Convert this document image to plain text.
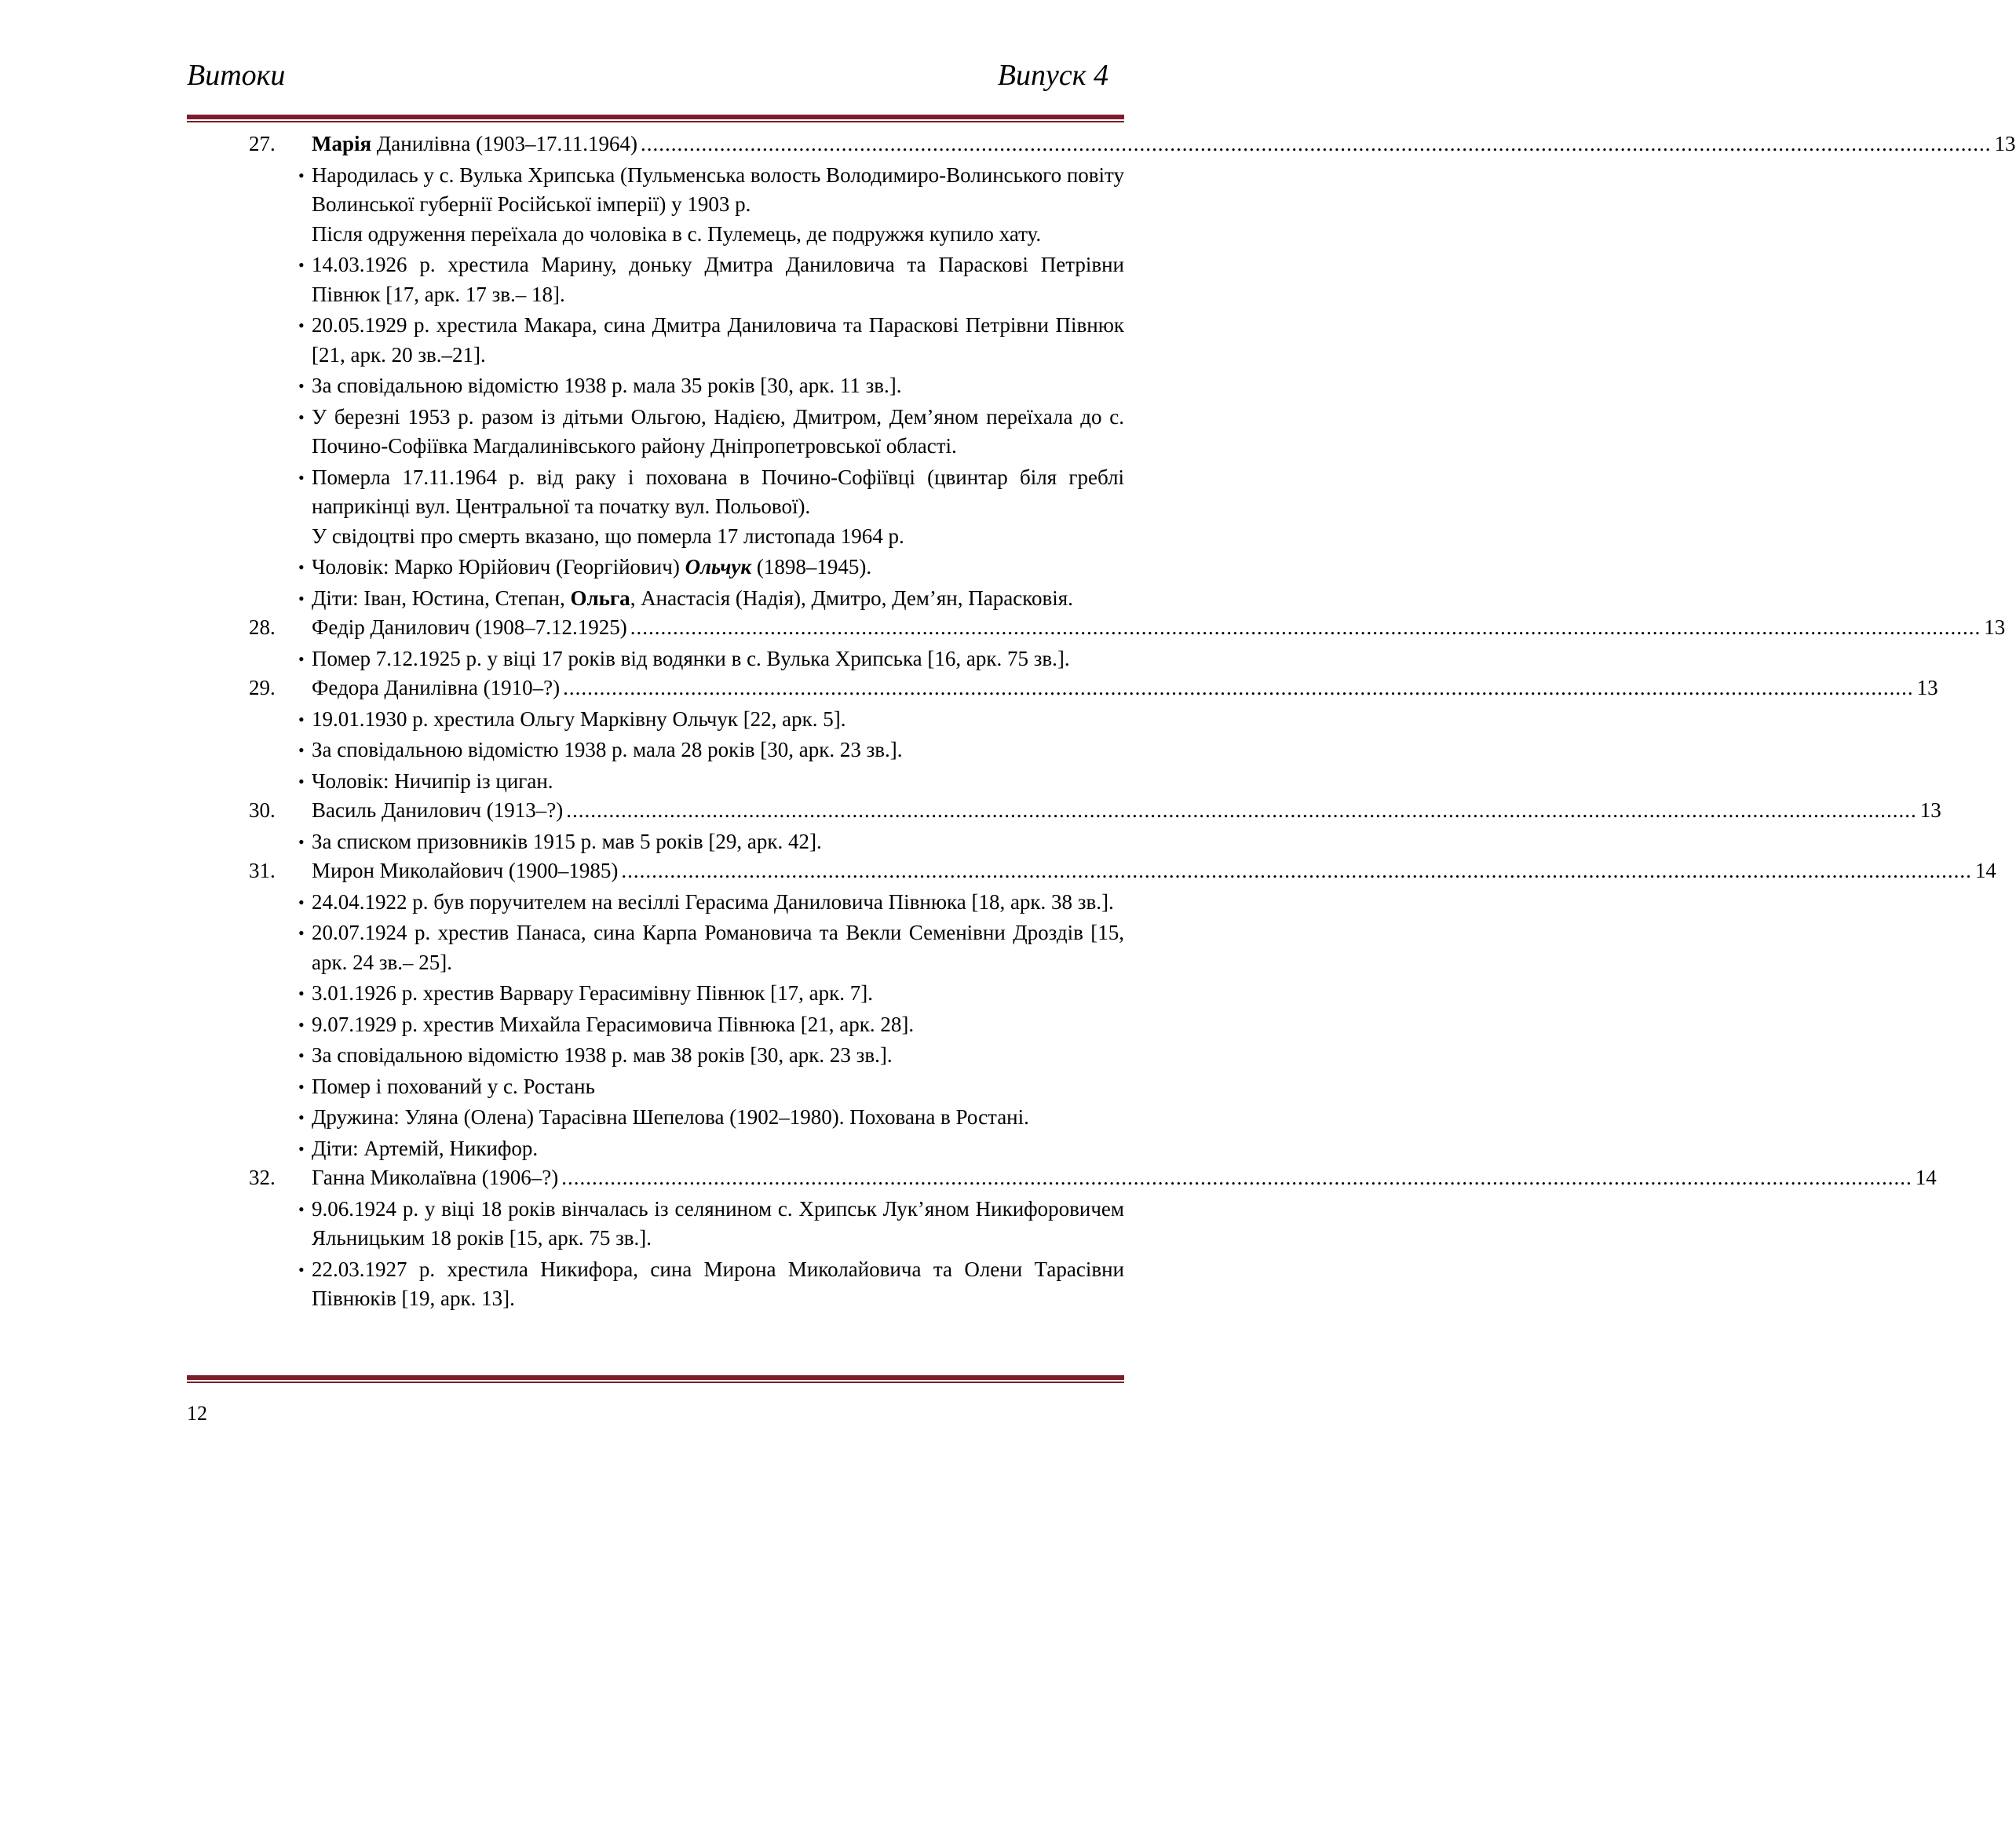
Витоки	Випуск 4
27.	Марія Данилівна (1903–17.11.1964) .............................................................................................................................................................................................................................. 13
• Народилась у с. Вулька Хрипська (Пульменська волость Володимиро-Волинського повіту Волинської губернії Російської імперії) у 1903 р.
Після одруження переїхала до чоловіка в с. Пулемець, де подружжя купило хату.
• 14.03.1926 р. хрестила Марину, доньку Дмитра Даниловича та Параскові Петрівни Півнюк [17, арк. 17 зв.– 18].
• 20.05.1929 р. хрестила Макара, сина Дмитра Даниловича та Параскові Петрівни Півнюк [21, арк. 20 зв.–21].
• За сповідальною відомістю 1938 р. мала 35 років [30, арк. 11 зв.].
• У березні 1953 р. разом із дітьми Ольгою, Надією, Дмитром, Дем’яном переїхала до с. Почино-Софіївка Магдалинівського району Дніпропетровської області.
• Померла 17.11.1964 р. від раку і похована в Почино-Софіївці (цвинтар біля греблі наприкінці вул. Центральної та початку вул. Польової).
У свідоцтві про смерть вказано, що померла 17 листопада 1964 р.
• Чоловік: Марко Юрійович (Георгійович) Ольчук (1898–1945).
• Діти: Іван, Юстина, Степан, Ольга, Анастасія (Надія), Дмитро, Дем’ян, Парасковія.
28.	Федір Данилович (1908–7.12.1925) .............................................................................................................................................................................................................................. 13
• Помер 7.12.1925 р. у віці 17 років від водянки в с. Вулька Хрипська [16, арк. 75 зв.].
29.	Федора Данилівна (1910–?) .............................................................................................................................................................................................................................. 13
• 19.01.1930 р. хрестила Ольгу Марківну Ольчук [22, арк. 5].
• За сповідальною відомістю 1938 р. мала 28 років [30, арк. 23 зв.].
• Чоловік: Ничипір із циган.
30.	Василь Данилович (1913–?) .............................................................................................................................................................................................................................. 13
• За списком призовників 1915 р. мав 5 років [29, арк. 42].
31.	Мирон Миколайович (1900–1985) .............................................................................................................................................................................................................................. 14
• 24.04.1922 р. був поручителем на весіллі Герасима Даниловича Півнюка [18, арк. 38 зв.].
• 20.07.1924 р. хрестив Панаса, сина Карпа Романовича та Векли Семенівни Дроздів [15, арк. 24 зв.– 25].
• 3.01.1926 р. хрестив Варвару Герасимівну Півнюк [17, арк. 7].
• 9.07.1929 р. хрестив Михайла Герасимовича Півнюка [21, арк. 28].
• За сповідальною відомістю 1938 р. мав 38 років [30, арк. 23 зв.].
• Помер і похований у с. Ростань
• Дружина: Уляна (Олена) Тарасівна Шепелова (1902–1980). Похована в Ростані.
• Діти: Артемій, Никифор.
32.	Ганна Миколаївна (1906–?) .............................................................................................................................................................................................................................. 14
• 9.06.1924 р. у віці 18 років вінчалась із селянином с. Хрипськ Лук’яном Никифоровичем Яльницьким 18 років [15, арк. 75 зв.].
• 22.03.1927 р. хрестила Никифора, сина Мирона Миколайовича та Олени Тарасівни Півнюків [19, арк. 13].
12
